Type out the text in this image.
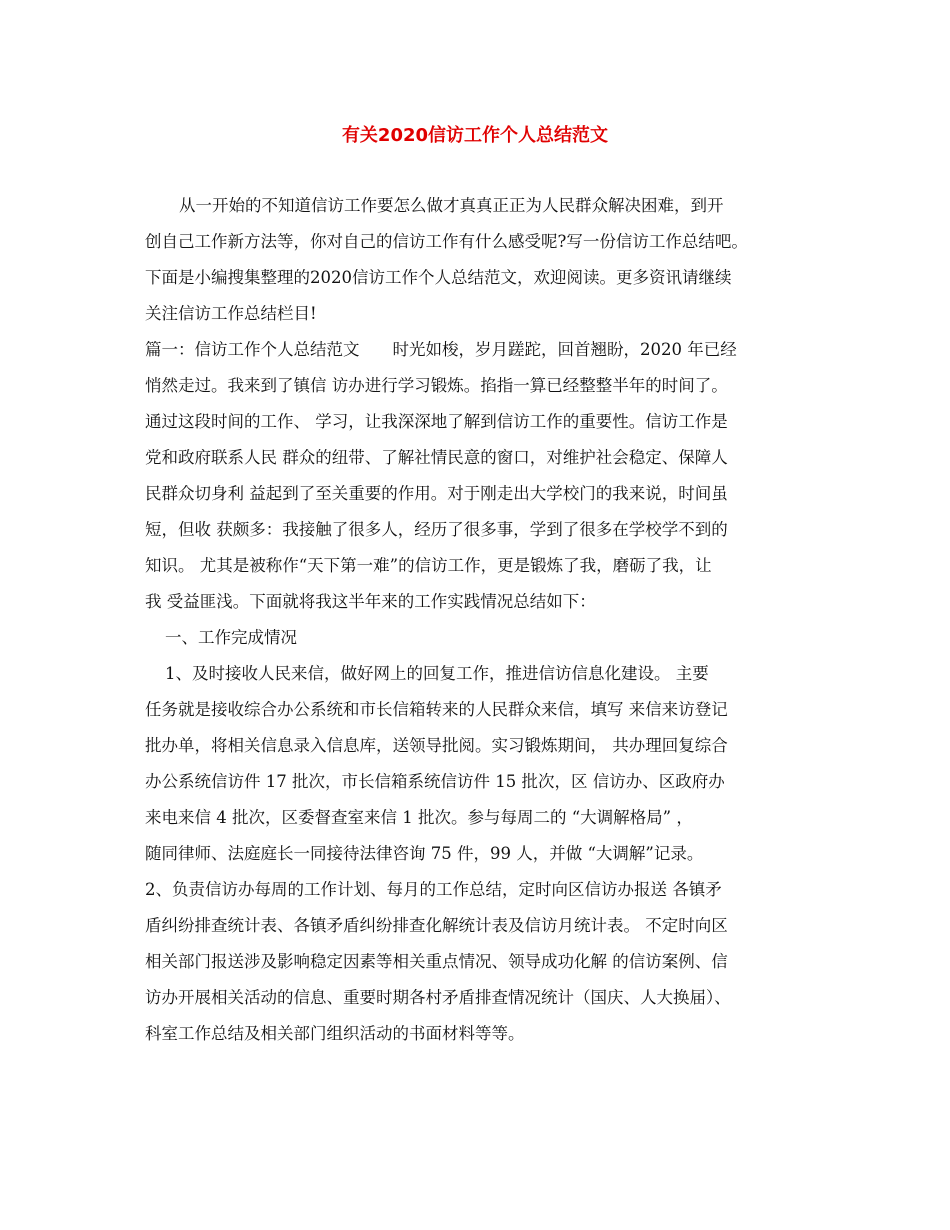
有关2020信访工作个人总结范文
从一开始的不知道信访工作要怎么做才真真正正为人民群众解决困难，到开
创自己工作新方法等，你对自己的信访工作有什么感受呢?写一份信访工作总结吧。
下面是小编搜集整理的2020信访工作个人总结范文，欢迎阅读。更多资讯请继续
关注信访工作总结栏目!
篇一：信访工作个人总结范文　　时光如梭，岁月蹉跎，回首翘盼，2020 年已经
悄然走过。我来到了镇信 访办进行学习锻炼。掐指一算已经整整半年的时间了。
通过这段时间的工作、 学习，让我深深地了解到信访工作的重要性。信访工作是
党和政府联系人民 群众的纽带、了解社情民意的窗口，对维护社会稳定、保障人
民群众切身利 益起到了至关重要的作用。对于刚走出大学校门的我来说，时间虽
短，但收 获颇多：我接触了很多人，经历了很多事，学到了很多在学校学不到的
知识。 尤其是被称作“天下第一难”的信访工作，更是锻炼了我，磨砺了我，让
我 受益匪浅。下面就将我这半年来的工作实践情况总结如下：
一、工作完成情况
1、及时接收人民来信，做好网上的回复工作，推进信访信息化建设。 主要
任务就是接收综合办公系统和市长信箱转来的人民群众来信，填写 来信来访登记
批办单，将相关信息录入信息库，送领导批阅。实习锻炼期间， 共办理回复综合
办公系统信访件 17 批次，市长信箱系统信访件 15 批次，区 信访办、区政府办
来电来信 4 批次，区委督查室来信 1 批次。参与每周二的 “大调解格局” ，
随同律师、法庭庭长一同接待法律咨询 75 件，99 人，并做 “大调解”记录。
2、负责信访办每周的工作计划、每月的工作总结，定时向区信访办报送 各镇矛
盾纠纷排查统计表、各镇矛盾纠纷排查化解统计表及信访月统计表。 不定时向区
相关部门报送涉及影响稳定因素等相关重点情况、领导成功化解 的信访案例、信
访办开展相关活动的信息、重要时期各村矛盾排查情况统计（国庆、人大换届）、
科室工作总结及相关部门组织活动的书面材料等等。
